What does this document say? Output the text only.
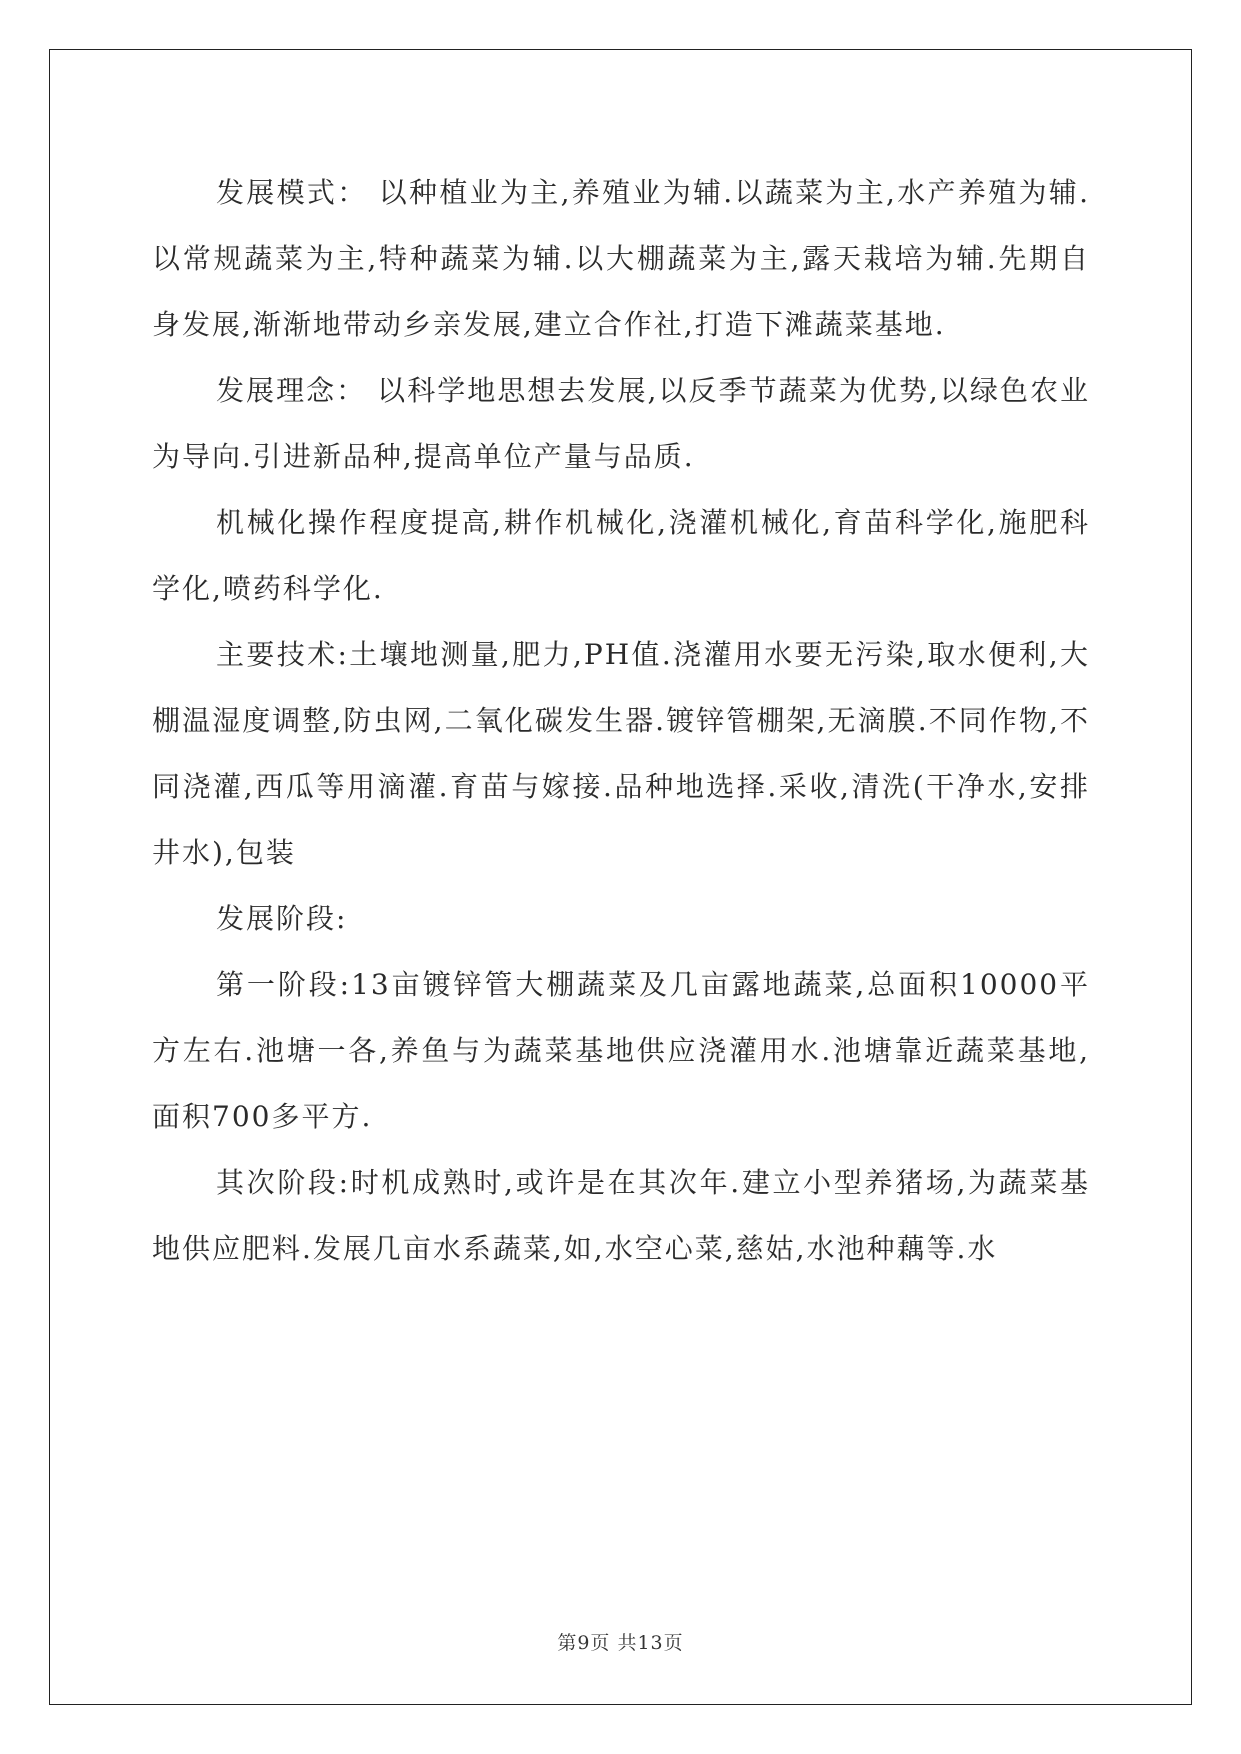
发展模式： 以种植业为主,养殖业为辅.以蔬菜为主,水产养殖为辅.以常规蔬菜为主,特种蔬菜为辅.以大棚蔬菜为主,露天栽培为辅.先期自身发展,渐渐地带动乡亲发展,建立合作社,打造下滩蔬菜基地.

发展理念： 以科学地思想去发展,以反季节蔬菜为优势,以绿色农业为导向.引进新品种,提高单位产量与品质.

机械化操作程度提高,耕作机械化,浇灌机械化,育苗科学化,施肥科学化,喷药科学化.

主要技术:土壤地测量,肥力,PH值.浇灌用水要无污染,取水便利,大棚温湿度调整,防虫网,二氧化碳发生器.镀锌管棚架,无滴膜.不同作物,不同浇灌,西瓜等用滴灌.育苗与嫁接.品种地选择.采收,清洗(干净水,安排井水),包装

发展阶段:

第一阶段:13亩镀锌管大棚蔬菜及几亩露地蔬菜,总面积10000平方左右.池塘一各,养鱼与为蔬菜基地供应浇灌用水.池塘靠近蔬菜基地,面积700多平方.

其次阶段:时机成熟时,或许是在其次年.建立小型养猪场,为蔬菜基地供应肥料.发展几亩水系蔬菜,如,水空心菜,慈姑,水池种藕等.水

第9页 共13页
